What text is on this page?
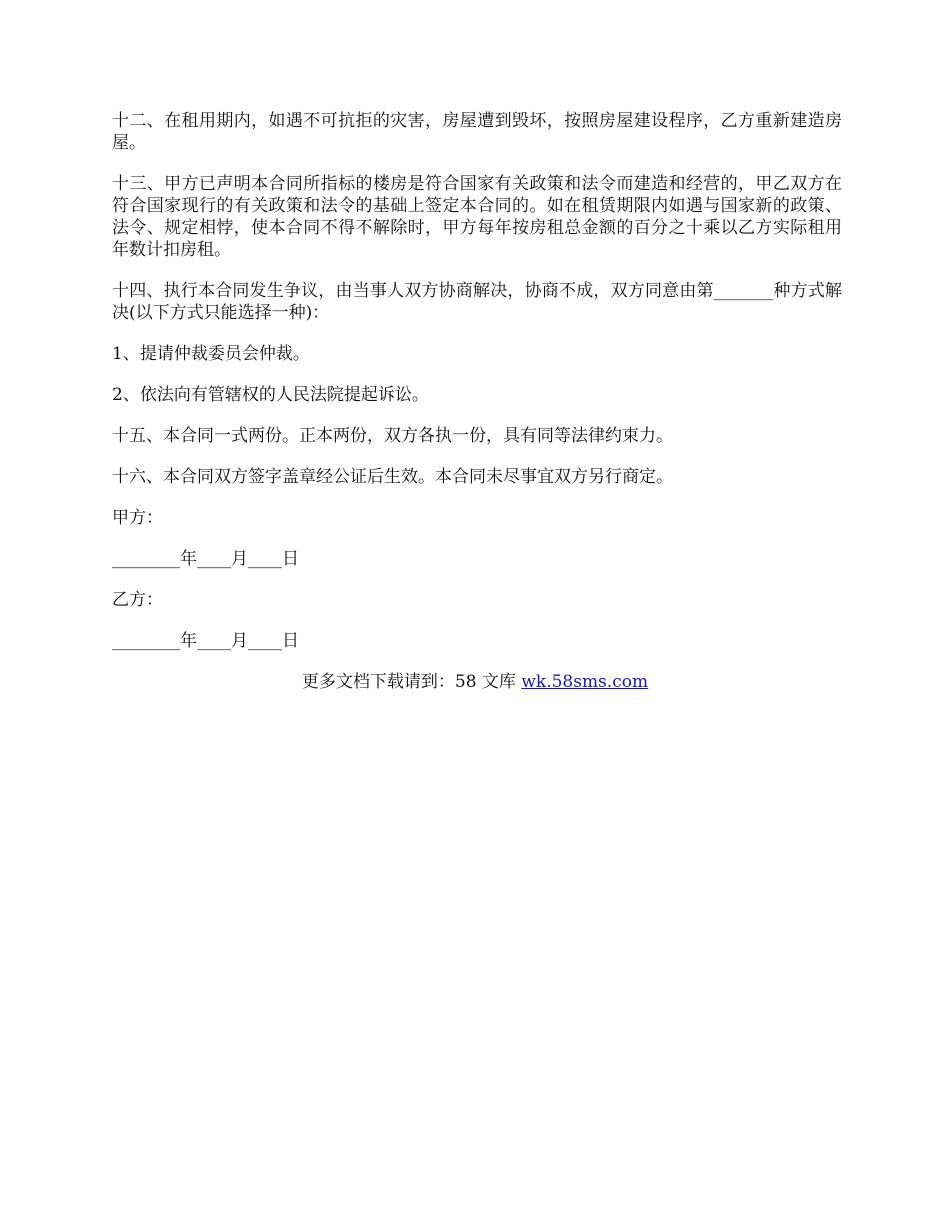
十二、在租用期内，如遇不可抗拒的灾害，房屋遭到毁坏，按照房屋建设程序，乙方重新建造房屋。

十三、甲方已声明本合同所指标的楼房是符合国家有关政策和法令而建造和经营的，甲乙双方在符合国家现行的有关政策和法令的基础上签定本合同的。如在租赁期限内如遇与国家新的政策、法令、规定相悖，使本合同不得不解除时，甲方每年按房租总金额的百分之十乘以乙方实际租用年数计扣房租。

十四、执行本合同发生争议，由当事人双方协商解决，协商不成，双方同意由第_______种方式解决(以下方式只能选择一种)：

1、提请仲裁委员会仲裁。

2、依法向有管辖权的人民法院提起诉讼。

十五、本合同一式两份。正本两份，双方各执一份，具有同等法律约束力。

十六、本合同双方签字盖章经公证后生效。本合同未尽事宜双方另行商定。

甲方：

________年____月____日

乙方：

________年____月____日

更多文档下载请到：58 文库 wk.58sms.com
